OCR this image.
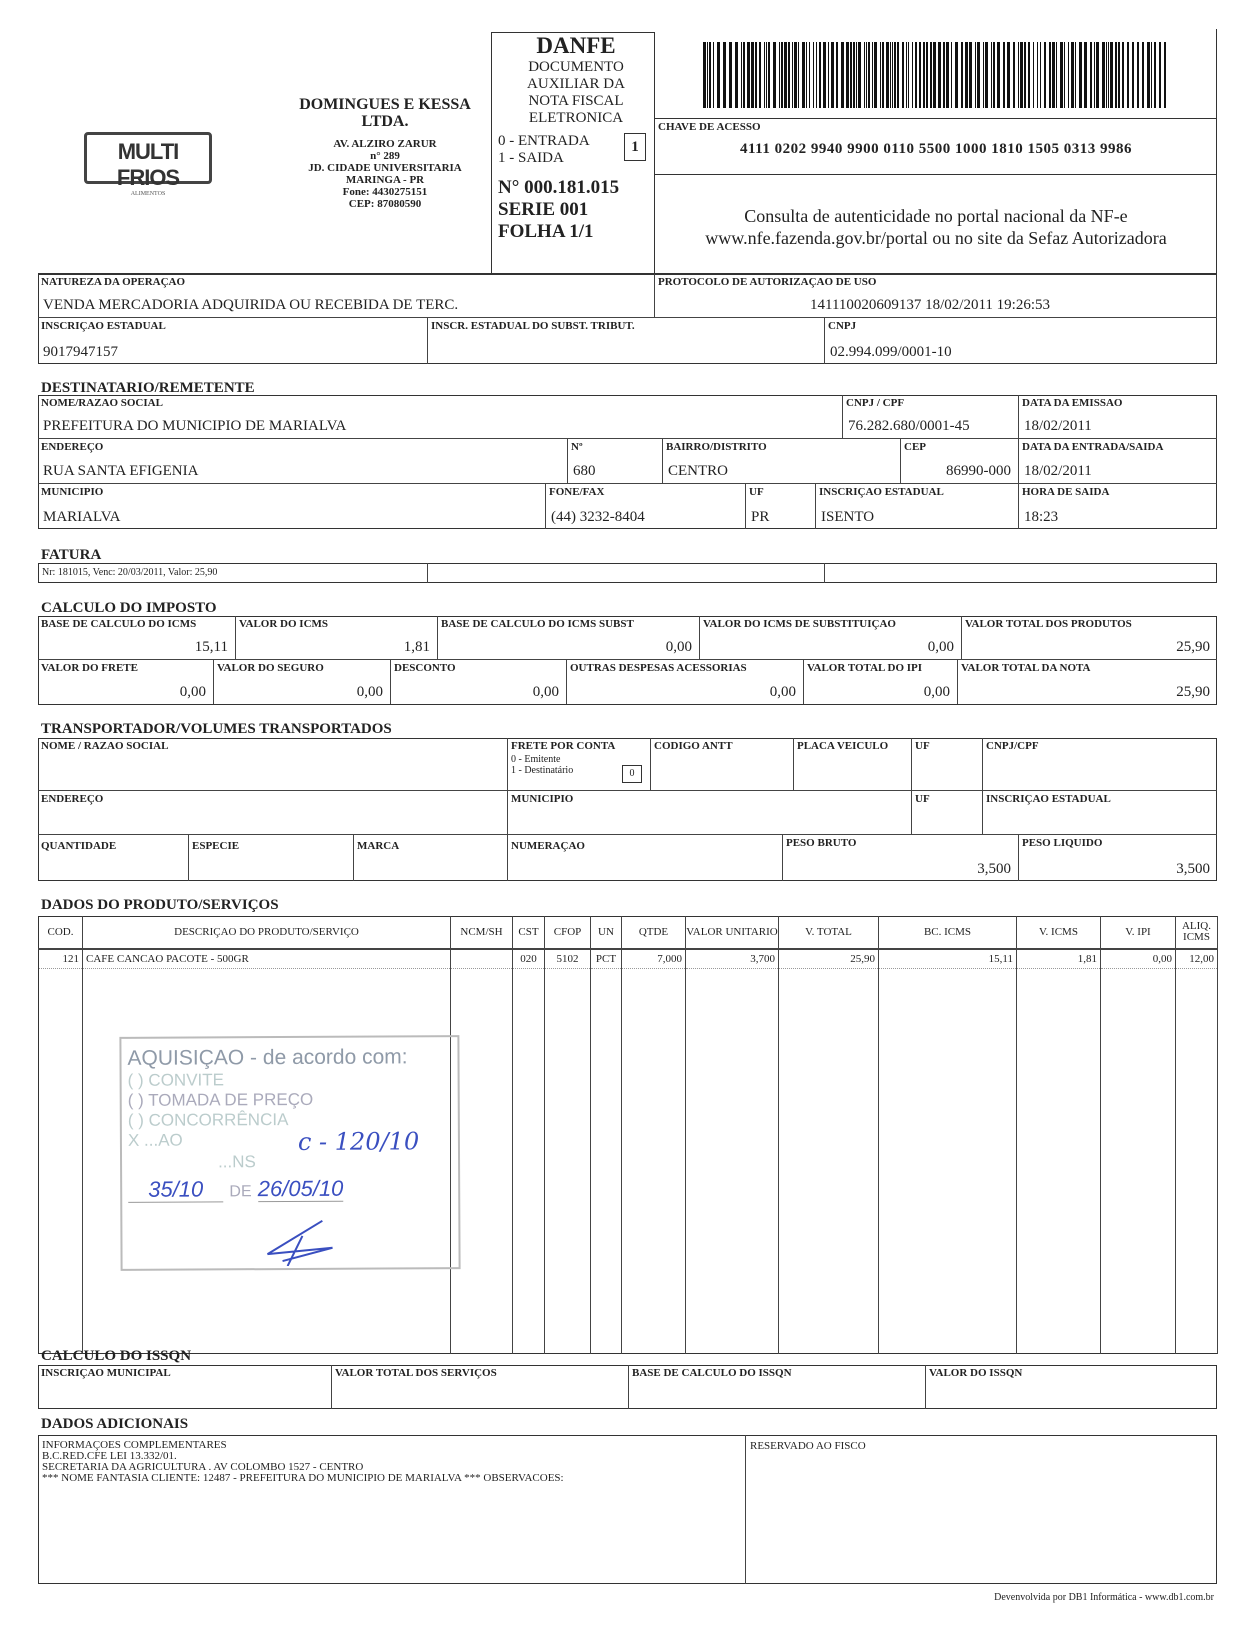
MULTI FRIOS
ALIMENTOS
DOMINGUES E KESSA LTDA.
AV. ALZIRO ZARUR
n° 289
JD. CIDADE UNIVERSITARIA
MARINGA - PR
Fone: 4430275151
CEP: 87080590
DANFE
DOCUMENTO
AUXILIAR DA
NOTA FISCAL
ELETRONICA
0 - ENTRADA
1 - SAIDA
1
N° 000.181.015
SERIE 001
FOLHA 1/1
CHAVE DE ACESSO
4111 0202 9940 9900 0110 5500 1000 1810 1505 0313 9986
Consulta de autenticidade no portal nacional da NF-e
www.nfe.fazenda.gov.br/portal ou no site da Sefaz Autorizadora
NATUREZA DA OPERAÇAO
VENDA MERCADORIA ADQUIRIDA OU RECEBIDA DE TERC.
PROTOCOLO DE AUTORIZAÇAO DE USO
141110020609137 18/02/2011 19:26:53
INSCRIÇAO ESTADUAL
9017947157
INSCR. ESTADUAL DO SUBST. TRIBUT.	CNPJ
02.994.099/0001-10
DESTINATARIO/REMETENTE
NOME/RAZAO SOCIAL
PREFEITURA DO MUNICIPIO DE MARIALVA
CNPJ / CPF
76.282.680/0001-45
DATA DA EMISSAO
18/02/2011
ENDEREÇO
RUA SANTA EFIGENIA
Nº
680
BAIRRO/DISTRITO
CENTRO
CEP
86990-000
DATA DA ENTRADA/SAIDA
18/02/2011
MUNICIPIO
MARIALVA
FONE/FAX
(44) 3232-8404
UF
PR
INSCRIÇAO ESTADUAL
ISENTO
HORA DE SAIDA
18:23
FATURA
Nr: 181015, Venc: 20/03/2011, Valor: 25,90
CALCULO DO IMPOSTO
BASE DE CALCULO DO ICMS
15,11
VALOR DO ICMS
1,81
BASE DE CALCULO DO ICMS SUBST
0,00
VALOR DO ICMS DE SUBSTITUIÇAO
0,00
VALOR TOTAL DOS PRODUTOS
25,90
VALOR DO FRETE
0,00
VALOR DO SEGURO
0,00
DESCONTO
0,00
OUTRAS DESPESAS ACESSORIAS
0,00
VALOR TOTAL DO IPI
0,00
VALOR TOTAL DA NOTA
25,90
TRANSPORTADOR/VOLUMES TRANSPORTADOS
NOME / RAZAO SOCIAL	FRETE POR CONTA
0 - Emitente
1 - Destinatário	0
CODIGO ANTT	PLACA VEICULO	UF	CNPJ/CPF
ENDEREÇO	MUNICIPIO	UF	INSCRIÇAO ESTADUAL
QUANTIDADE	ESPECIE	MARCA	NUMERAÇAO	PESO BRUTO
3,500
PESO LIQUIDO
3,500
DADOS DO PRODUTO/SERVIÇOS
COD.	DESCRIÇAO DO PRODUTO/SERVIÇO	NCM/SH	CST	CFOP	UN	QTDE	VALOR UNITARIO	V. TOTAL	BC. ICMS	V. ICMS	V. IPI	ALIQ. ICMS
121	CAFE CANCAO PACOTE - 500GR		020	5102	PCT	7,000	3,700	25,90	15,11	1,81	0,00	12,00

AQUISIÇAO - de acordo com:
( ) CONVITE
( ) TOMADA DE PREÇO
( ) CONCORRÊNCIA
X ...AO	c - 120/10
...NS
35/10 DE 26/05/10
CALCULO DO ISSQN
INSCRIÇAO MUNICIPAL	VALOR TOTAL DOS SERVIÇOS	BASE DE CALCULO DO ISSQN	VALOR DO ISSQN
DADOS ADICIONAIS
INFORMAÇOES COMPLEMENTARES
B.C.RED.CFE LEI 13.332/01.
SECRETARIA DA AGRICULTURA . AV COLOMBO 1527 - CENTRO
*** NOME FANTASIA CLIENTE: 12487 - PREFEITURA DO MUNICIPIO DE MARIALVA *** OBSERVACOES:
RESERVADO AO FISCO
Devenvolvida por DB1 Informática - www.db1.com.br
